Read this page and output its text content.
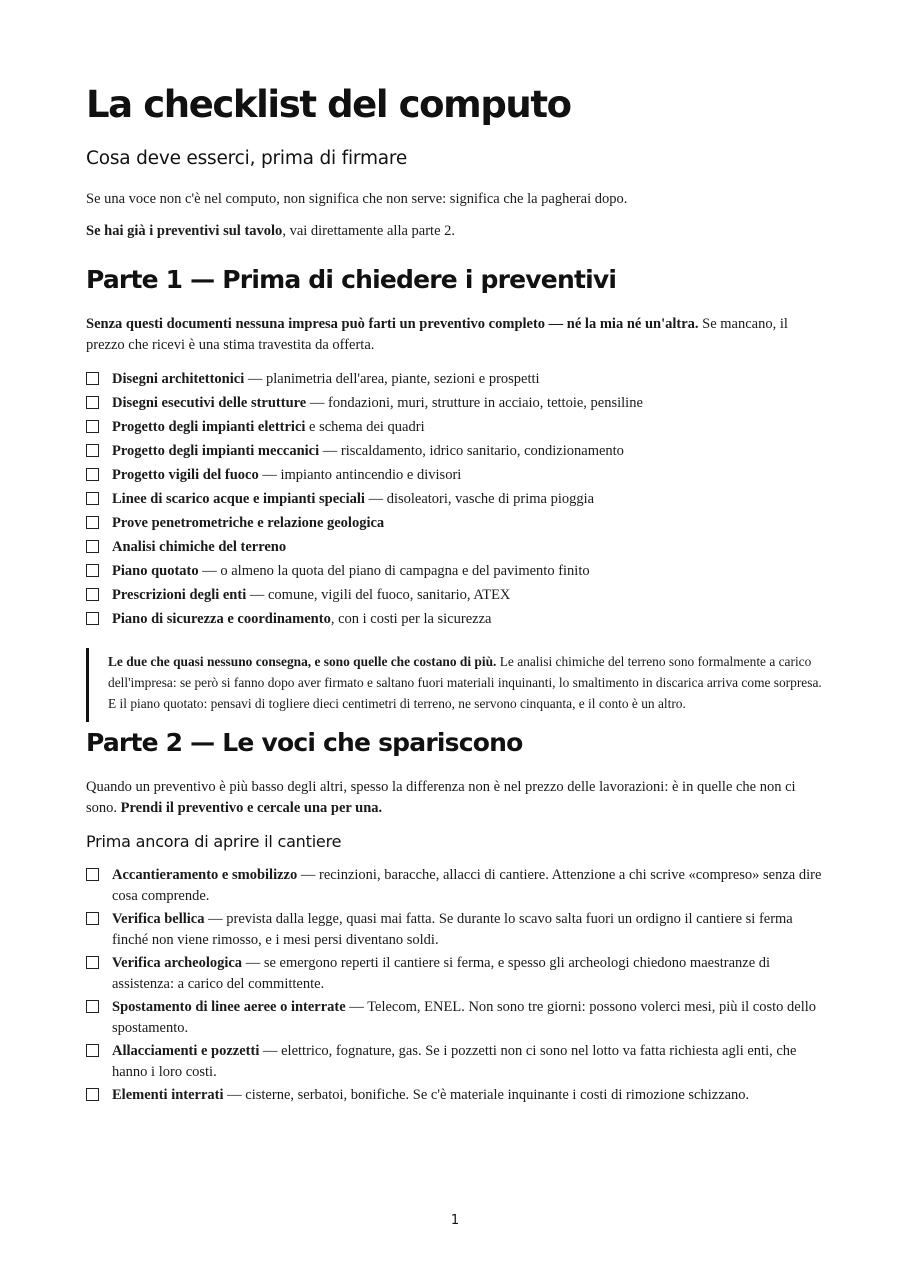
La checklist del computo
Cosa deve esserci, prima di firmare

Se una voce non c'è nel computo, non significa che non serve: significa che la pagherai dopo.

Se hai già i preventivi sul tavolo, vai direttamente alla parte 2.

Parte 1 — Prima di chiedere i preventivi

Senza questi documenti nessuna impresa può farti un preventivo completo — né la mia né un'altra. Se mancano, il prezzo che ricevi è una stima travestita da offerta.

Disegni architettonici — planimetria dell'area, piante, sezioni e prospetti
Disegni esecutivi delle strutture — fondazioni, muri, strutture in acciaio, tettoie, pensiline
Progetto degli impianti elettrici e schema dei quadri
Progetto degli impianti meccanici — riscaldamento, idrico sanitario, condizionamento
Progetto vigili del fuoco — impianto antincendio e divisori
Linee di scarico acque e impianti speciali — disoleatori, vasche di prima pioggia
Prove penetrometriche e relazione geologica
Analisi chimiche del terreno
Piano quotato — o almeno la quota del piano di campagna e del pavimento finito
Prescrizioni degli enti — comune, vigili del fuoco, sanitario, ATEX
Piano di sicurezza e coordinamento, con i costi per la sicurezza

Le due che quasi nessuno consegna, e sono quelle che costano di più. Le analisi chimiche del terreno sono formalmente a carico dell'impresa: se però si fanno dopo aver firmato e saltano fuori materiali inquinanti, lo smaltimento in discarica arriva come sorpresa. E il piano quotato: pensavi di togliere dieci centimetri di terreno, ne servono cinquanta, e il conto è un altro.

Parte 2 — Le voci che spariscono

Quando un preventivo è più basso degli altri, spesso la differenza non è nel prezzo delle lavorazioni: è in quelle che non ci sono. Prendi il preventivo e cercale una per una.

Prima ancora di aprire il cantiere
Accantieramento e smobilizzo — recinzioni, baracche, allacci di cantiere. Attenzione a chi scrive «compreso» senza dire cosa comprende.
Verifica bellica — prevista dalla legge, quasi mai fatta. Se durante lo scavo salta fuori un ordigno il cantiere si ferma finché non viene rimosso, e i mesi persi diventano soldi.
Verifica archeologica — se emergono reperti il cantiere si ferma, e spesso gli archeologi chiedono maestranze di assistenza: a carico del committente.
Spostamento di linee aeree o interrate — Telecom, ENEL. Non sono tre giorni: possono volerci mesi, più il costo dello spostamento.
Allacciamenti e pozzetti — elettrico, fognature, gas. Se i pozzetti non ci sono nel lotto va fatta richiesta agli enti, che hanno i loro costi.
Elementi interrati — cisterne, serbatoi, bonifiche. Se c'è materiale inquinante i costi di rimozione schizzano.
1
